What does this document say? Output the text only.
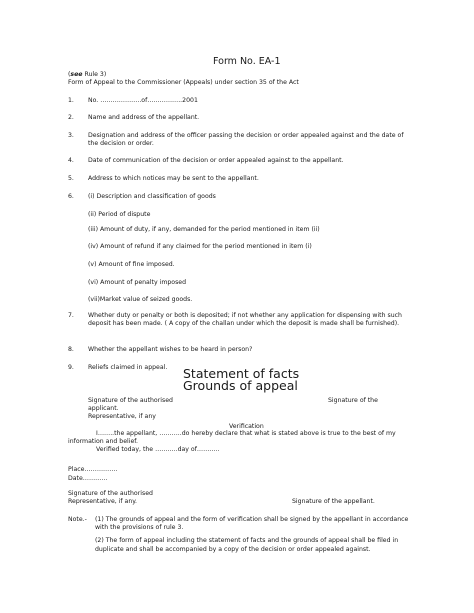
Form No. EA-1
(see Rule 3)
Form of Appeal to the Commissioner (Appeals) under section 35 of the Act
1. No. ………………..of……………..2001
2. Name and address of the appellant.
3. Designation and address of the officer passing the decision or order appealed against and the date of the decision or order.
4. Date of communication of the decision or order appealed against to the appellant.
5. Address to which notices may be sent to the appellant.
6. (i) Description and classification of goods
(ii) Period of dispute
(iii) Amount of duty, if any, demanded for the period mentioned in item (ii)
(iv) Amount of refund if any claimed for the period mentioned in item (i)
(v) Amount of fine imposed.
(vi) Amount of penalty imposed
(vii)Market value of seized goods.
7. Whether duty or penalty or both is deposited; if not whether any application for dispensing with such deposit has been made. ( A copy of the challan under which the deposit is made shall be furnished).
8. Whether the appellant wishes to be heard in person?
9. Reliefs claimed in appeal. Statement of facts
Grounds of appeal
Signature of the authorised	Signature of the
applicant.
Representative, if any
Verification
I……..the appellant, ………..do hereby declare that what is stated above is true to the best of my information and belief.
Verified today, the ………..day of………..
Place…………….
Date…………
Signature of the authorised
Representative, if any.	Signature of the appellant.
Note.- (1) The grounds of appeal and the form of verification shall be signed by the appellant in accordance with the provisions of rule 3.
(2) The form of appeal including the statement of facts and the grounds of appeal shall be filed in duplicate and shall be accompanied by a copy of the decision or order appealed against.
